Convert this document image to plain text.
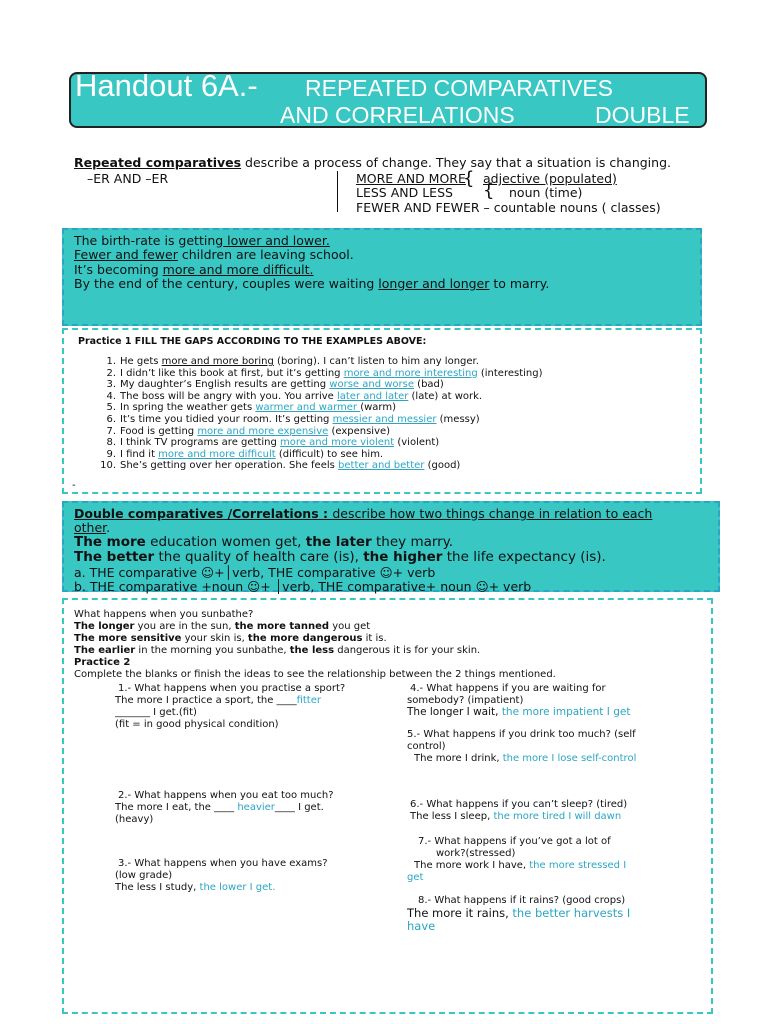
Handout 6A.- REPEATED COMPARATIVES
AND CORRELATIONS	DOUBLE
Repeated comparatives describe a process of change. They say that a situation is changing.
–ER AND –ER	MORE AND MORE
{ adjective (populated)
LESS AND LESS { noun (time)
FEWER AND FEWER – countable nouns ( classes)
The birth-rate is getting lower and lower.
Fewer and fewer children are leaving school.
It’s becoming more and more difficult.
By the end of the century, couples were waiting longer and longer to marry.
Practice 1 FILL THE GAPS ACCORDING TO THE EXAMPLES ABOVE:
1. He gets more and more boring (boring). I can’t listen to him any longer.
2. I didn’t like this book at first, but it’s getting more and more interesting (interesting)
3. My daughter’s English results are getting worse and worse (bad)
4. The boss will be angry with you. You arrive later and later (late) at work.
5. In spring the weather gets warmer and warmer (warm)
6. It’s time you tidied your room. It’s getting messier and messier (messy)
7. Food is getting more and more expensive (expensive)
8. I think TV programs are getting more and more violent (violent)
9. I find it more and more difficult (difficult) to see him.
10. She’s getting over her operation. She feels better and better (good)
-
Double comparatives /Correlations : describe how two things change in relation to each
other.
The more education women get, the later they marry.
The better the quality of health care (is), the higher the life expectancy (is).
a. THE comparative ☺+│verb, THE comparative ☺+ verb
b. THE comparative +noun ☺+ │verb, THE comparative+ noun ☺+ verb
What happens when you sunbathe?
The longer you are in the sun, the more tanned you get
The more sensitive your skin is, the more dangerous it is.
The earlier in the morning you sunbathe, the less dangerous it is for your skin.
Practice 2
Complete the blanks or finish the ideas to see the relationship between the 2 things mentioned.
1.- What happens when you practise a sport?
The more I practice a sport, the ____fitter
_______ I get.(fit)
(fit = in good physical condition)
2.- What happens when you eat too much?
The more I eat, the ____ heavier____ I get.
(heavy)
3.- What happens when you have exams?
(low grade)
The less I study, the lower I get.
4.- What happens if you are waiting for
somebody? (impatient)
The longer I wait, the more impatient I get
5.- What happens if you drink too much? (self
control)
The more I drink, the more I lose self-control
6.- What happens if you can’t sleep? (tired)
The less I sleep, the more tired I will dawn
7.- What happens if you’ve got a lot of
work?(stressed)
The more work I have, the more stressed I
get
8.- What happens if it rains? (good crops)
The more it rains, the better harvests I
have
